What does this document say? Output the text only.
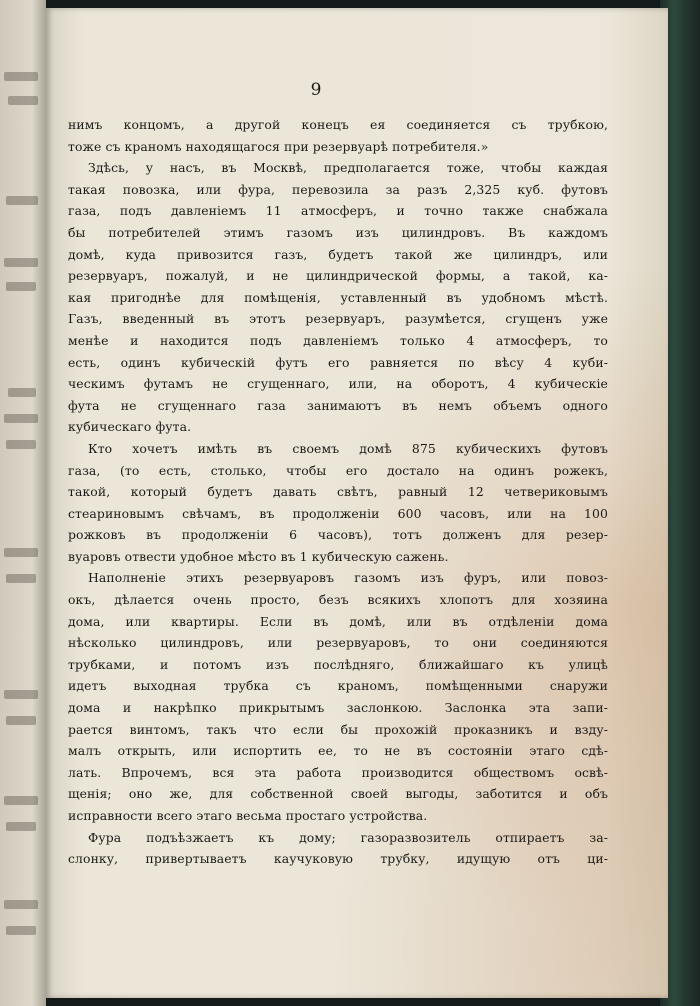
9
нимъ концомъ, а другой конецъ ея соединяется съ трубкою,
тоже съ краномъ находящагося при резервуарѣ потребителя.»
Здѣсь, у насъ, въ Москвѣ, предполагается тоже, чтобы каждая
такая повозка, или фура, перевозила за разъ 2,325 куб. футовъ
газа, подъ давленіемъ 11 атмосферъ, и точно также снабжала
бы потребителей этимъ газомъ изъ цилиндровъ. Въ каждомъ
домѣ, куда привозится газъ, будетъ такой же цилиндръ, или
резервуаръ, пожалуй, и не цилиндрической формы, а такой, ка-
кая пригоднѣе для помѣщенія, уставленный въ удобномъ мѣстѣ.
Газъ, введенный въ этотъ резервуаръ, разумѣется, сгущенъ уже
менѣе и находится подъ давленіемъ только 4 атмосферъ, то
есть, одинъ кубическій футъ его равняется по вѣсу 4 куби-
ческимъ футамъ не сгущеннаго, или, на оборотъ, 4 кубическіе
фута не сгущеннаго газа занимаютъ въ немъ объемъ одного
кубическаго фута.
Кто хочетъ имѣть въ своемъ домѣ 875 кубическихъ футовъ
газа, (то есть, столько, чтобы его достало на одинъ рожекъ,
такой, который будетъ давать свѣтъ, равный 12 четвериковымъ
стеариновымъ свѣчамъ, въ продолженіи 600 часовъ, или на 100
рожковъ въ продолженіи 6 часовъ), тотъ долженъ для резер-
вуаровъ отвести удобное мѣсто въ 1 кубическую сажень.
Наполненіе этихъ резервуаровъ газомъ изъ фуръ, или повоз-
окъ, дѣлается очень просто, безъ всякихъ хлопотъ для хозяина
дома, или квартиры. Если въ домѣ, или въ отдѣленіи дома
нѣсколько цилиндровъ, или резервуаровъ, то они соединяются
трубками, и потомъ изъ послѣдняго, ближайшаго къ улицѣ
идетъ выходная трубка съ краномъ, помѣщенными снаружи
дома и накрѣпко прикрытымъ заслонкою. Заслонка эта запи-
рается винтомъ, такъ что если бы прохожій проказникъ и взду-
малъ открыть, или испортить ее, то не въ состояніи этаго сдѣ-
лать. Впрочемъ, вся эта работа производится обществомъ освѣ-
щенія; оно же, для собственной своей выгоды, заботится и объ
исправности всего этаго весьма простаго устройства.
Фура подъѣзжаетъ къ дому; газоразвозитель отпираетъ за-
слонку, привертываетъ каучуковую трубку, идущую отъ ци-
